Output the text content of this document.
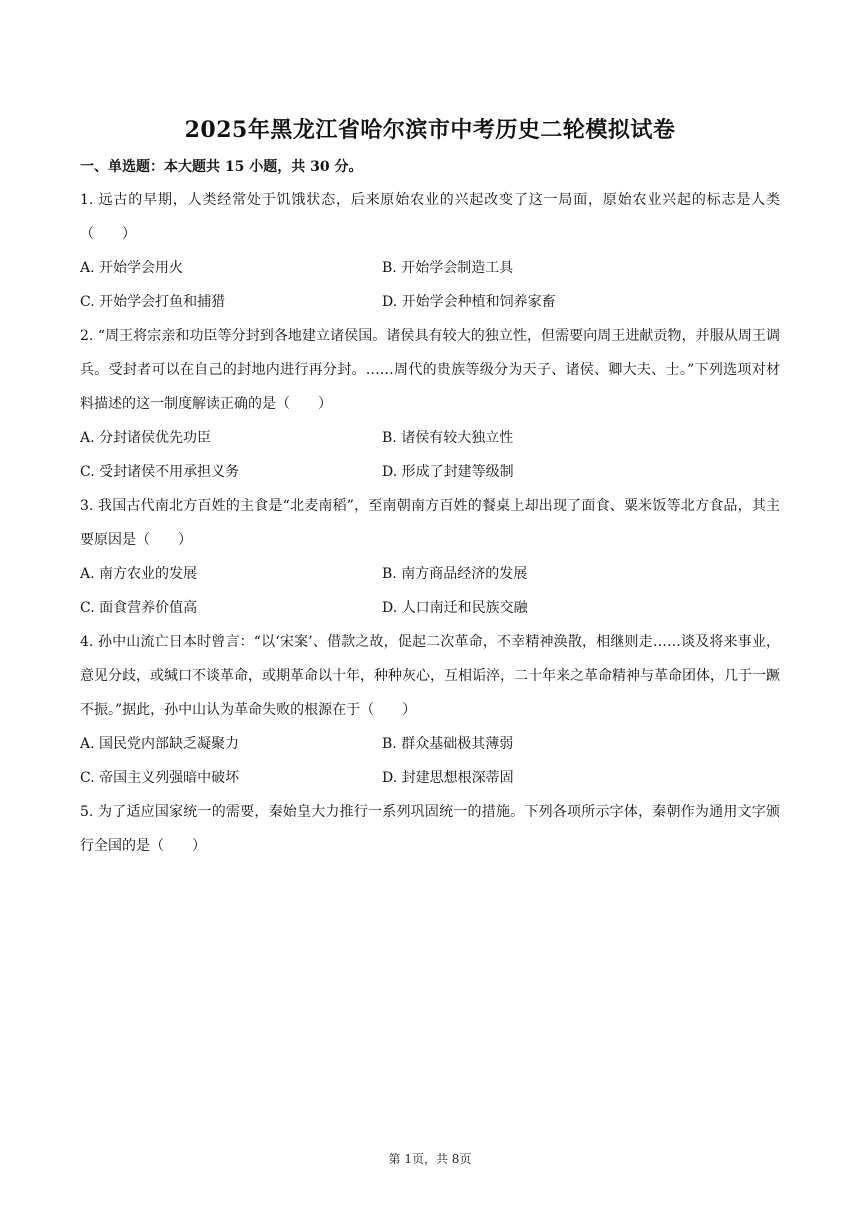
2025年黑龙江省哈尔滨市中考历史二轮模拟试卷
一、单选题：本大题共 15 小题，共 30 分。
1. 远古的早期，人类经常处于饥饿状态，后来原始农业的兴起改变了这一局面，原始农业兴起的标志是人类（　　）
A. 开始学会用火	B. 开始学会制造工具
C. 开始学会打鱼和捕猎	D. 开始学会种植和饲养家畜
2. “周王将宗亲和功臣等分封到各地建立诸侯国。诸侯具有较大的独立性，但需要向周王进献贡物，并服从周王调兵。受封者可以在自己的封地内进行再分封。……周代的贵族等级分为天子、诸侯、卿大夫、士。”下列选项对材料描述的这一制度解读正确的是（　　）
A. 分封诸侯优先功臣	B. 诸侯有较大独立性
C. 受封诸侯不用承担义务	D. 形成了封建等级制
3. 我国古代南北方百姓的主食是“北麦南稻”，至南朝南方百姓的餐桌上却出现了面食、粟米饭等北方食品，其主要原因是（　　）
A. 南方农业的发展	B. 南方商品经济的发展
C. 面食营养价值高	D. 人口南迁和民族交融
4. 孙中山流亡日本时曾言：“以‘宋案’、借款之故，促起二次革命，不幸精神涣散，相继则走……谈及将来事业，意见分歧，或缄口不谈革命，或期革命以十年，种种灰心，互相诟淬，二十年来之革命精神与革命团体，几于一蹶不振。”据此，孙中山认为革命失败的根源在于（　　）
A. 国民党内部缺乏凝聚力	B. 群众基础极其薄弱
C. 帝国主义列强暗中破坏	D. 封建思想根深蒂固
5. 为了适应国家统一的需要，秦始皇大力推行一系列巩固统一的措施。下列各项所示字体，秦朝作为通用文字颁行全国的是（　　）
第 1页，共 8页
